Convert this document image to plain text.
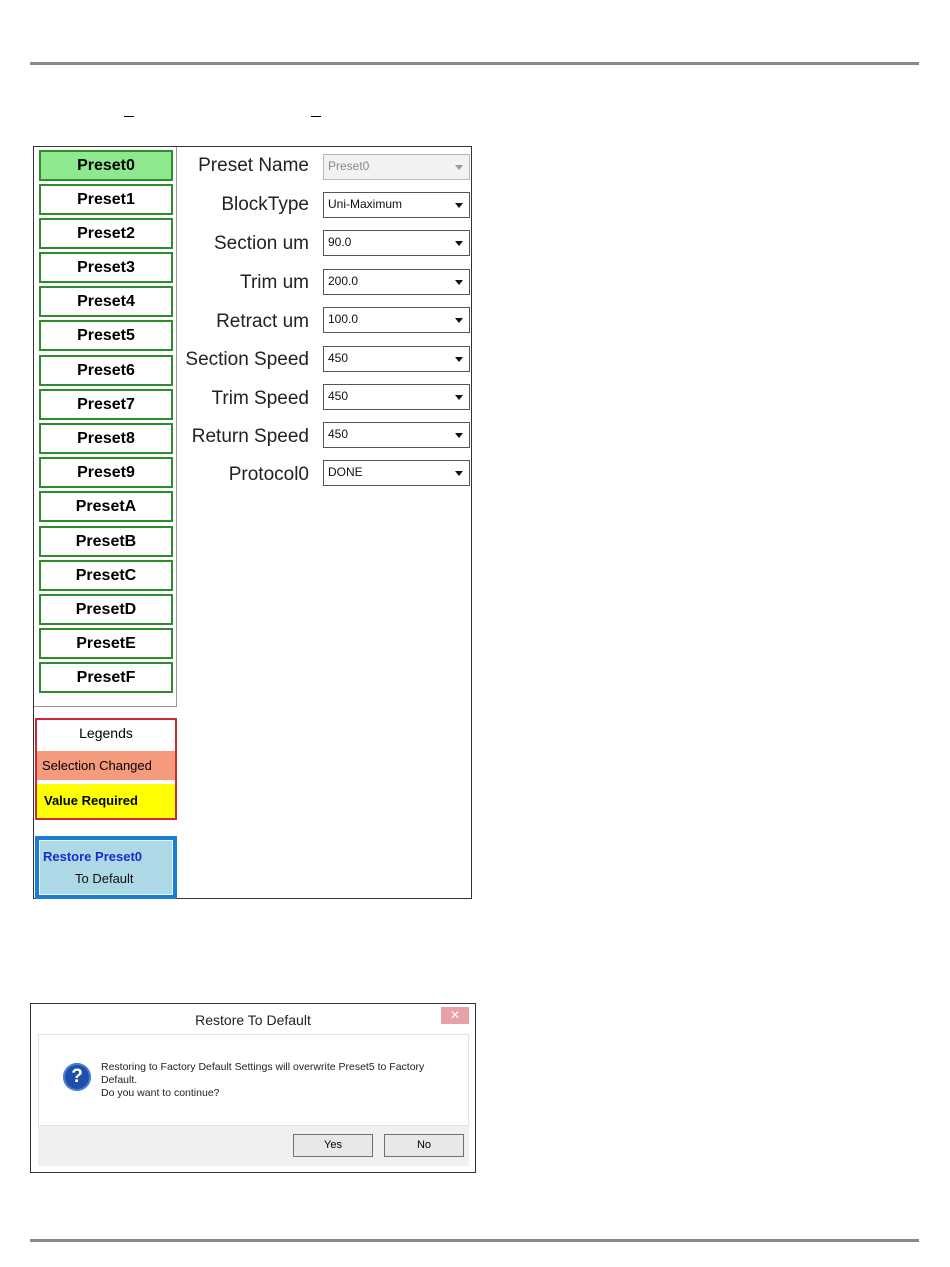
Preset0
Preset1
Preset2
Preset3
Preset4
Preset5
Preset6
Preset7
Preset8
Preset9
PresetA
PresetB
PresetC
PresetD
PresetE
PresetF
Legends
Selection Changed
Value Required
Restore Preset0
To Default
Preset Name Preset0
BlockType Uni-Maximum
Section um 90.0
Trim um 200.0
Retract um 100.0
Section Speed 450
Trim Speed 450
Return Speed 450
Protocol0 DONE
Restore To Default	✕
?	Restoring to Factory Default Settings will overwrite Preset5 to Factory
Default.
Do you want to continue?
Yes	No
